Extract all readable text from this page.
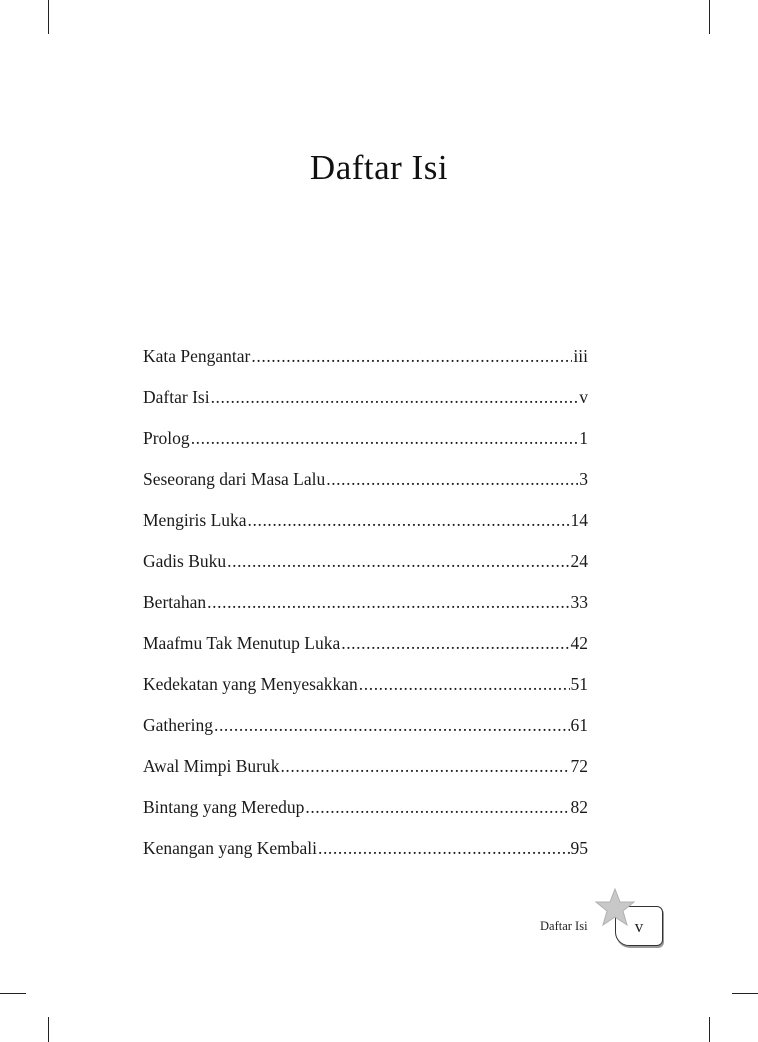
Daftar Isi
Kata Pengantar .....	iii
Daftar Isi .....	v
Prolog .....	1
Seseorang dari Masa Lalu .....	3
Mengiris Luka .....	14
Gadis Buku .....	24
Bertahan .....	33
Maafmu Tak Menutup Luka .....	42
Kedekatan yang Menyesakkan .....	51
Gathering .....	61
Awal Mimpi Buruk .....	72
Bintang yang Meredup .....	82
Kenangan yang Kembali .....	95
Daftar Isi	v
